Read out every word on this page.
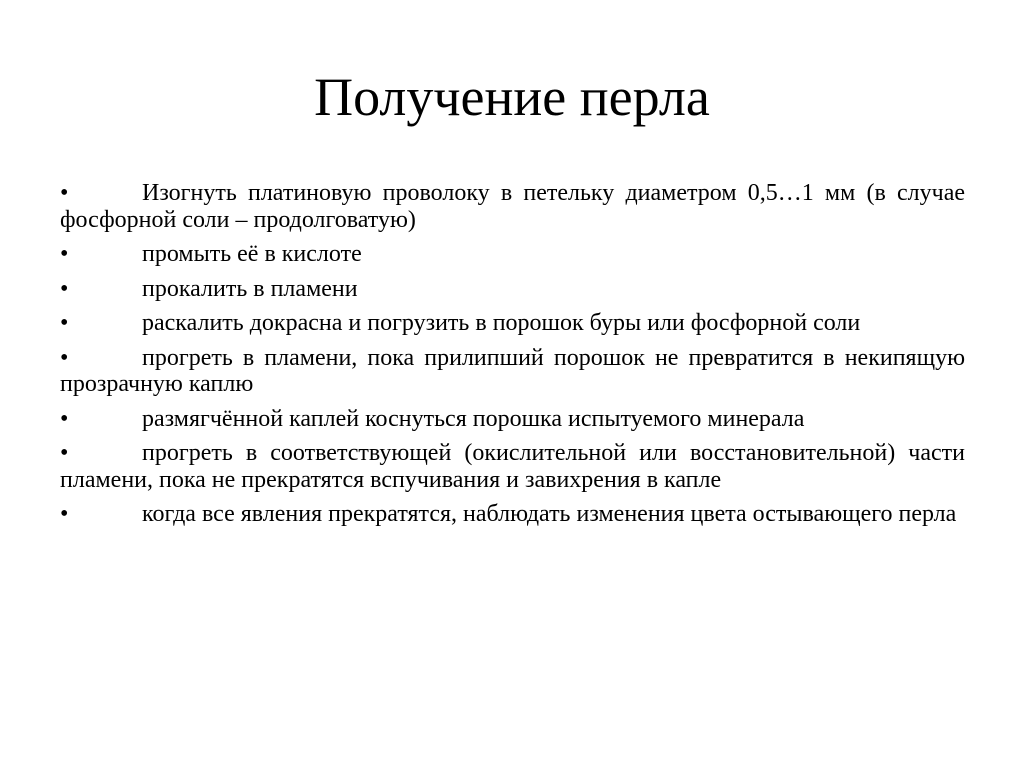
Получение перла
•	Изогнуть платиновую проволоку в петельку диаметром 0,5…1 мм (в случае фосфорной соли – продолговатую)
•	промыть её в кислоте
•	прокалить в пламени
•	раскалить докрасна и погрузить в порошок буры или фосфорной соли
•	прогреть в пламени, пока прилипший порошок не превратится в некипящую прозрачную каплю
•	размягчённой каплей коснуться порошка испытуемого минерала
•	прогреть в соответствующей (окислительной или восстановительной) части пламени, пока не прекратятся вспучивания и завихрения в капле
•	когда все явления прекратятся, наблюдать изменения цвета остывающего перла
